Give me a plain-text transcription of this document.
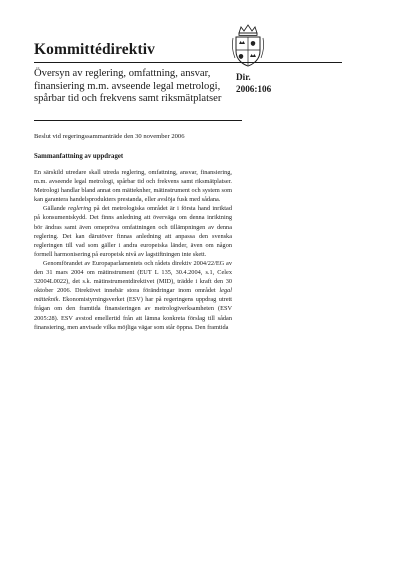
Kommittédirektiv
Översyn av reglering, omfattning, ansvar,
finansiering m.m. avseende legal metrologi,
spårbar tid och frekvens samt riksmätplatser
Dir.
2006:106
Beslut vid regeringssammanträde den 30 november 2006
Sammanfattning av uppdraget

En särskild utredare skall utreda reglering, omfattning, ansvar, finansiering, m.m. avseende legal metrologi, spårbar tid och frekvens samt riksmätplatser. Metrologi handlar bland annat om mätteknher, mätinstrument och system som kan garantera handelsprodukters prestanda, eller avslöja fusk med sådana.

Gällande reglering på det metrologiska området är i första hand inriktad på konsumentskydd. Det finns anledning att överväga om denna inriktning bör ändras samt även omepröva omfattningen och tillämpningen av denna reglering. Det kan därutöver finnas anledning att anpassa den svenska regleringen till vad som gäller i andra europeiska länder, även om någon formell harmonisering på europeisk nivå av lagstiftningen inte skett.

Genomförandet av Europaparlamentets och rådets direktiv 2004/22/EG av den 31 mars 2004 om mätinstrument (EUT L 135, 30.4.2004, s.1, Celex 32004L0022), det s.k. mätinstrumentdirektivet (MID), trädde i kraft den 30 oktober 2006. Direktivet innebär stora förändringar inom området legal mätteknik. Ekonomistyrningsverket (ESV) har på regeringens uppdrag utrett frågan om den framtida finansieringen av metrologiverksamheten (ESV 2005:28). ESV avstod emellertid från att lämna konkreta förslag till sådan finansiering, men anvisade vilka möjliga vägar som står öppna. Den framtida
